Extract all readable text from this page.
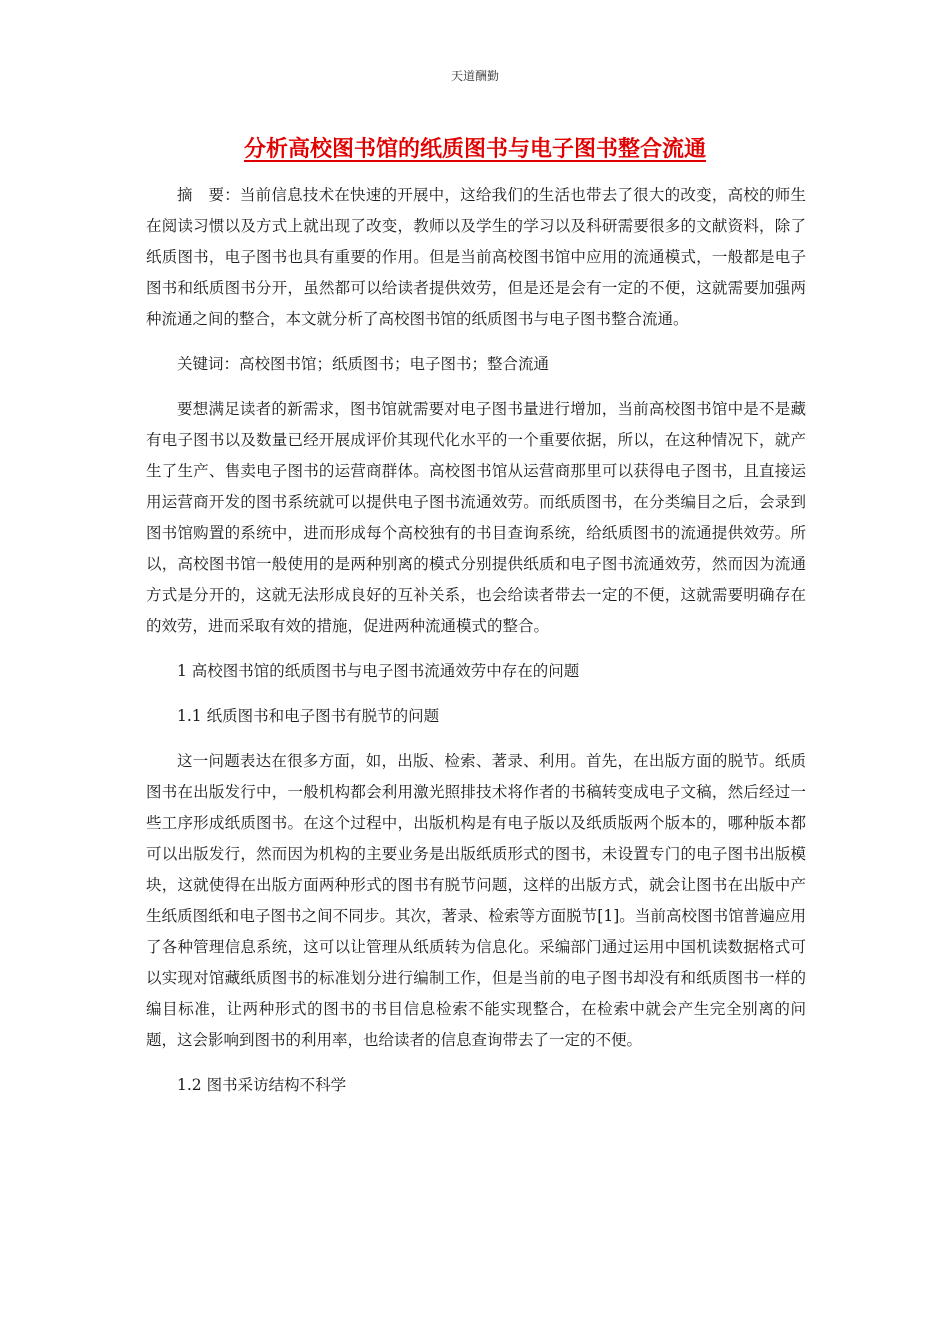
天道酬勤
分析高校图书馆的纸质图书与电子图书整合流通

摘　要：当前信息技术在快速的开展中，这给我们的生活也带去了很大的改变，高校的师生在阅读习惯以及方式上就出现了改变，教师以及学生的学习以及科研需要很多的文献资料，除了纸质图书，电子图书也具有重要的作用。但是当前高校图书馆中应用的流通模式，一般都是电子图书和纸质图书分开，虽然都可以给读者提供效劳，但是还是会有一定的不便，这就需要加强两种流通之间的整合，本文就分析了高校图书馆的纸质图书与电子图书整合流通。

关键词：高校图书馆；纸质图书；电子图书；整合流通

要想满足读者的新需求，图书馆就需要对电子图书量进行增加，当前高校图书馆中是不是藏有电子图书以及数量已经开展成评价其现代化水平的一个重要依据，所以，在这种情况下，就产生了生产、售卖电子图书的运营商群体。高校图书馆从运营商那里可以获得电子图书，且直接运用运营商开发的图书系统就可以提供电子图书流通效劳。而纸质图书，在分类编目之后，会录到图书馆购置的系统中，进而形成每个高校独有的书目查询系统，给纸质图书的流通提供效劳。所以，高校图书馆一般使用的是两种别离的模式分别提供纸质和电子图书流通效劳，然而因为流通方式是分开的，这就无法形成良好的互补关系，也会给读者带去一定的不便，这就需要明确存在的效劳，进而采取有效的措施，促进两种流通模式的整合。

1 高校图书馆的纸质图书与电子图书流通效劳中存在的问题

1.1 纸质图书和电子图书有脱节的问题

这一问题表达在很多方面，如，出版、检索、著录、利用。首先，在出版方面的脱节。纸质图书在出版发行中，一般机构都会利用激光照排技术将作者的书稿转变成电子文稿，然后经过一些工序形成纸质图书。在这个过程中，出版机构是有电子版以及纸质版两个版本的，哪种版本都可以出版发行，然而因为机构的主要业务是出版纸质形式的图书，未设置专门的电子图书出版模块，这就使得在出版方面两种形式的图书有脱节问题，这样的出版方式，就会让图书在出版中产生纸质图纸和电子图书之间不同步。其次，著录、检索等方面脱节[1]。当前高校图书馆普遍应用了各种管理信息系统，这可以让管理从纸质转为信息化。采编部门通过运用中国机读数据格式可以实现对馆藏纸质图书的标准划分进行编制工作，但是当前的电子图书却没有和纸质图书一样的编目标准，让两种形式的图书的书目信息检索不能实现整合，在检索中就会产生完全别离的问题，这会影响到图书的利用率，也给读者的信息查询带去了一定的不便。

1.2 图书采访结构不科学
